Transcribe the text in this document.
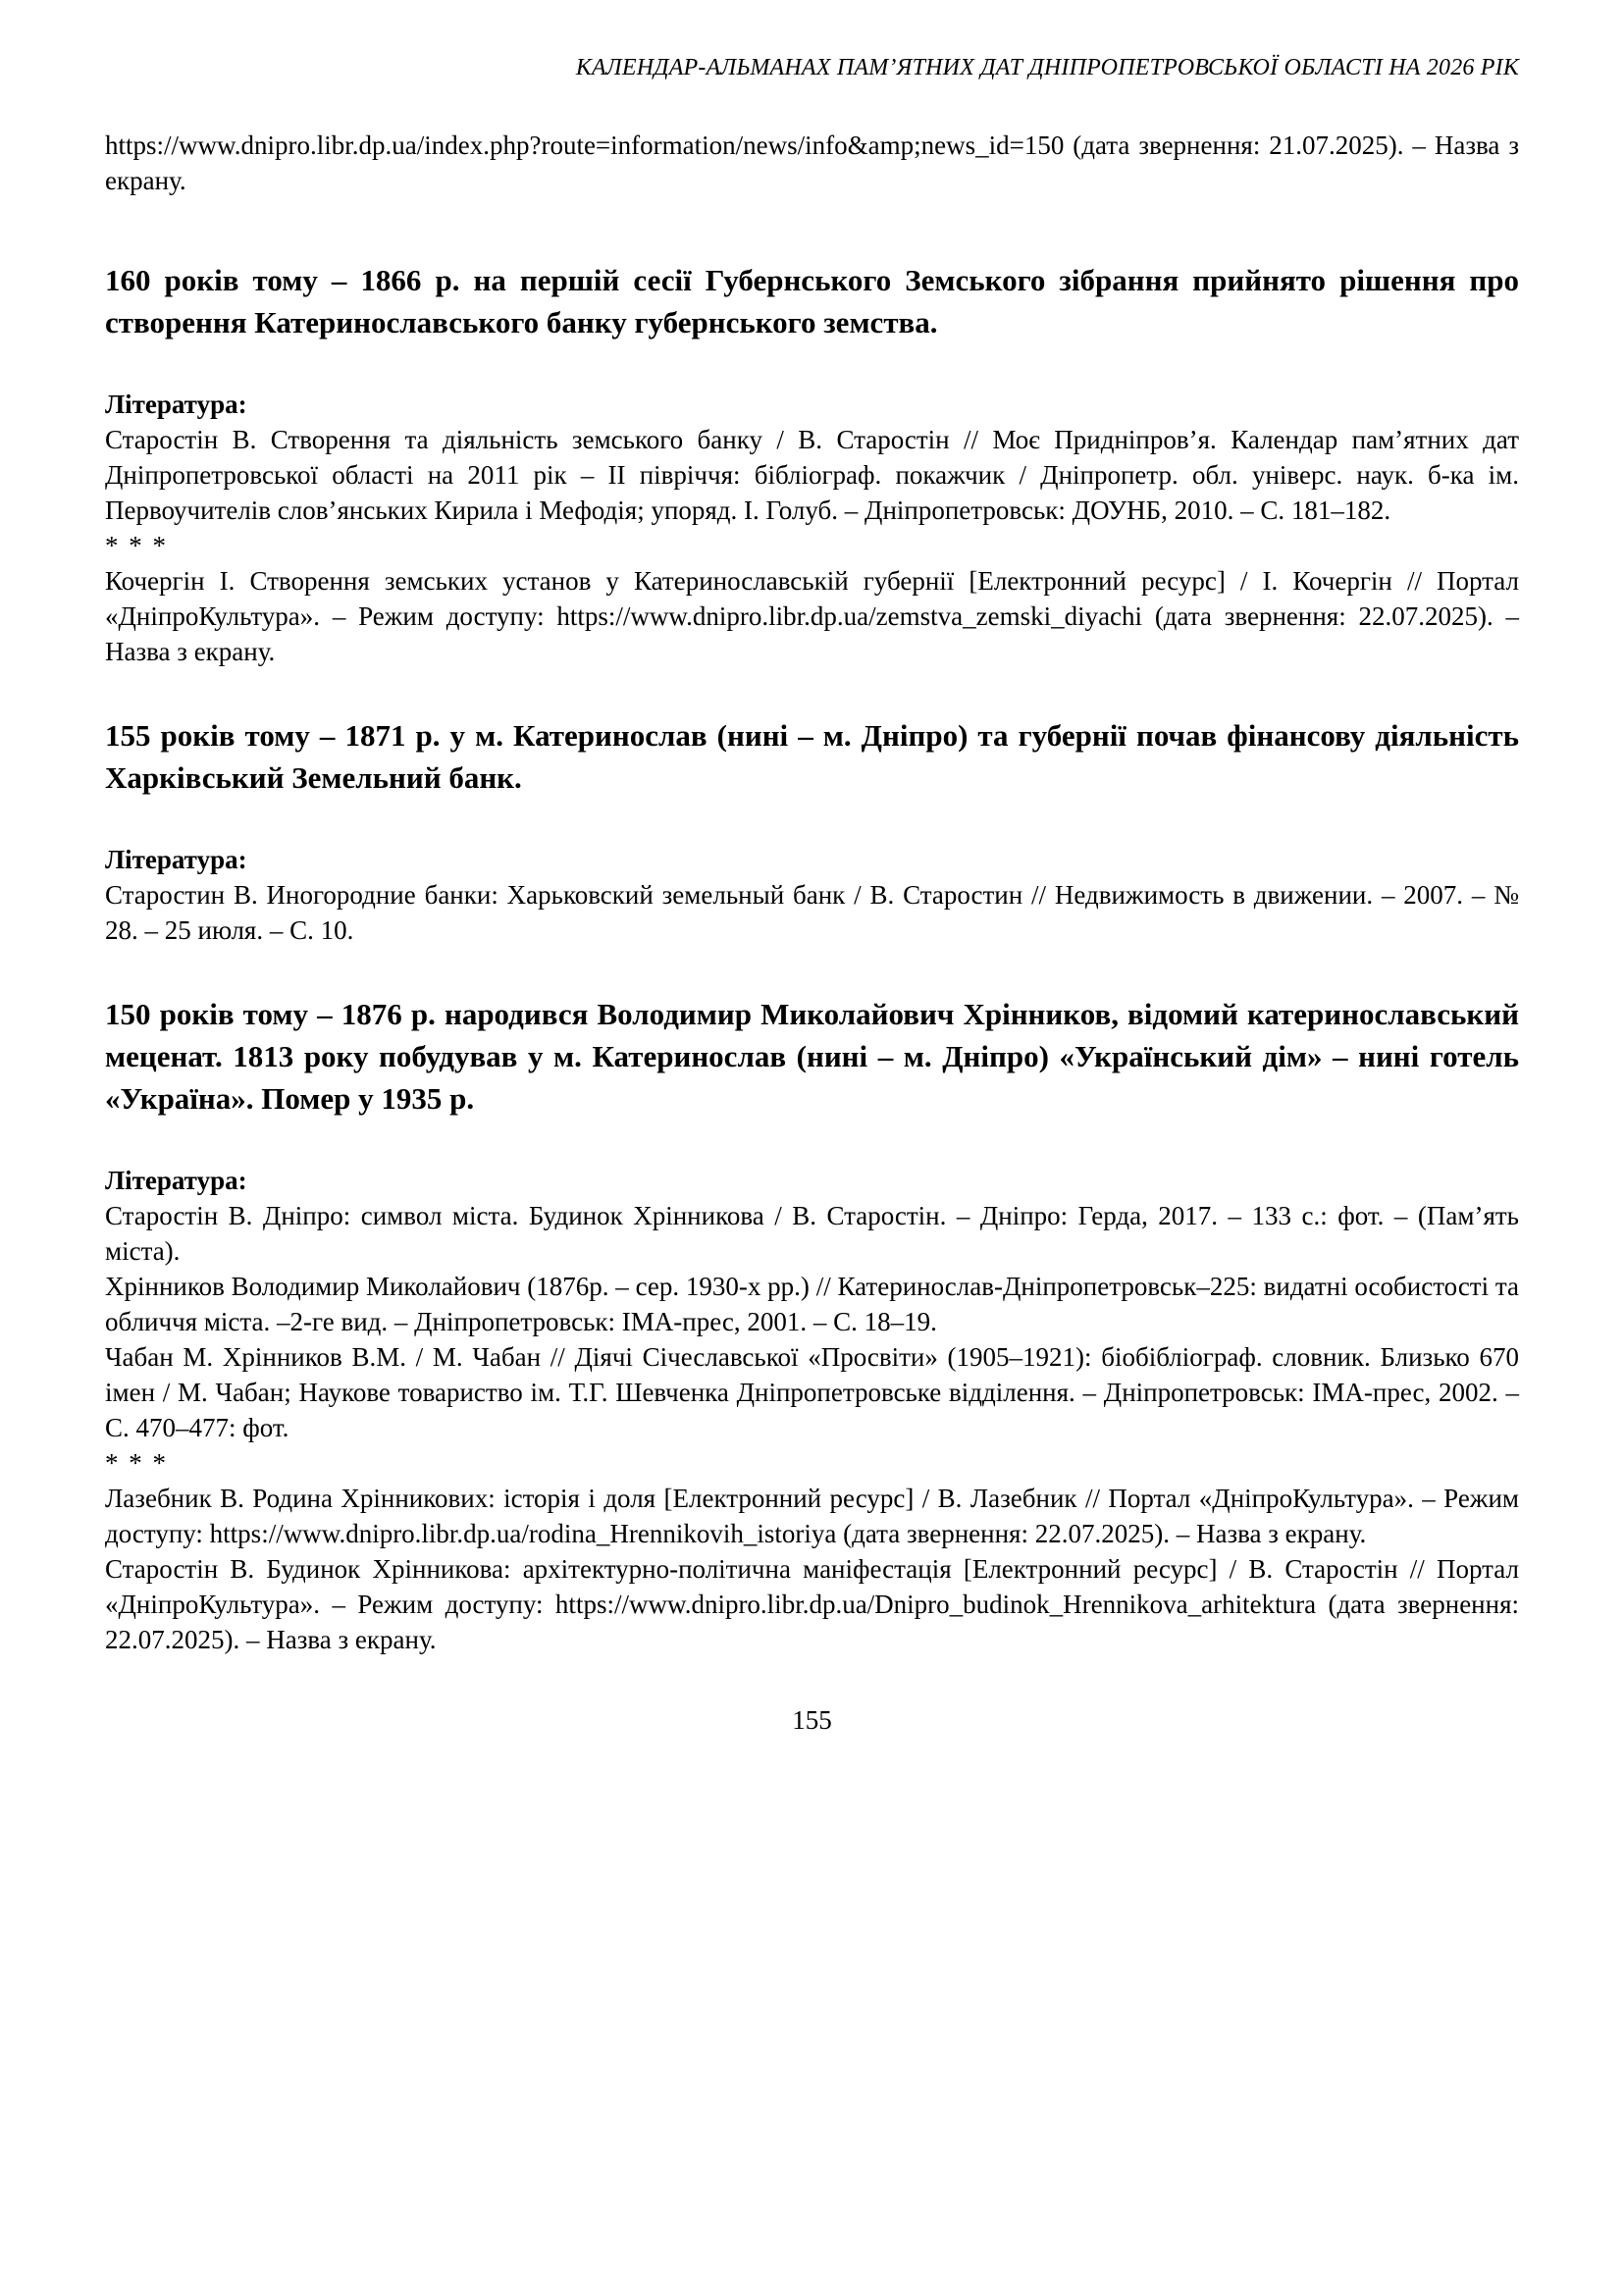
КАЛЕНДАР-АЛЬМАНАХ ПАМ’ЯТНИХ ДАТ ДНІПРОПЕТРОВСЬКОЇ ОБЛАСТІ НА 2026 РІК

https://www.dnipro.libr.dp.ua/index.php?route=information/news/info&amp;news_id=150 (дата звернення: 21.07.2025). – Назва з екрану.

160 років тому – 1866 р. на першій сесії Губернського Земського зібрання прийнято рішення про створення Катеринославського банку губернського земства.

Література:

Старостін В. Створення та діяльність земського банку / В. Старостін // Моє Придніпров’я. Календар пам’ятних дат Дніпропетровської області на 2011 рік – ІІ півріччя: бібліограф. покажчик / Дніпропетр. обл. універс. наук. б-ка ім. Первоучителів слов’янських Кирила і Мефодія; упоряд. І. Голуб. – Дніпропетровськ: ДОУНБ, 2010. – С. 181–182.

* * *

Кочергін І. Створення земських установ у Катеринославській губернії [Електронний ресурс] / І. Кочергін // Портал «ДніпроКультура». – Режим доступу: https://www.dnipro.libr.dp.ua/zemstva_zemski_diyachi (дата звернення: 22.07.2025). – Назва з екрану.

155 років тому – 1871 р. у м. Катеринослав (нині – м. Дніпро) та губернії почав фінансову діяльність Харківський Земельний банк.

Література:

Старостин В. Иногородние банки: Харьковский земельный банк / В. Старостин // Недвижимость в движении. – 2007. – № 28. – 25 июля. – С. 10.

150 років тому – 1876 р. народився Володимир Миколайович Хрінников, відомий катеринославський меценат. 1813 року побудував у м. Катеринослав (нині – м. Дніпро) «Український дім» – нині готель «Україна». Помер у 1935 р.

Література:

Старостін В. Дніпро: символ міста. Будинок Хрінникова / В. Старостін. – Дніпро: Герда, 2017. – 133 с.: фот. – (Пам’ять міста).

Хрінников Володимир Миколайович (1876р. – сер. 1930-х рр.) // Катеринослав-Дніпропетровськ–225: видатні особистості та обличчя міста. –2-ге вид. – Дніпропетровськ: ІМА-прес, 2001. – С. 18–19.

Чабан М. Хрінников В.М. / М. Чабан // Діячі Січеславської «Просвіти» (1905–1921): біобібліограф. словник. Близько 670 імен / М. Чабан; Наукове товариство ім. Т.Г. Шевченка Дніпропетровське відділення. – Дніпропетровськ: ІМА-прес, 2002. – С. 470–477: фот.

* * *

Лазебник В. Родина Хрінникових: історія і доля [Електронний ресурс] / В. Лазебник // Портал «ДніпроКультура». – Режим доступу: https://www.dnipro.libr.dp.ua/rodina_Hrennikovih_istoriya (дата звернення: 22.07.2025). – Назва з екрану.

Старостін В. Будинок Хрінникова: архітектурно-політична маніфестація [Електронний ресурс] / В. Старостін // Портал «ДніпроКультура». – Режим доступу: https://www.dnipro.libr.dp.ua/Dnipro_budinok_Hrennikova_arhitektura (дата звернення: 22.07.2025). – Назва з екрану.

155
